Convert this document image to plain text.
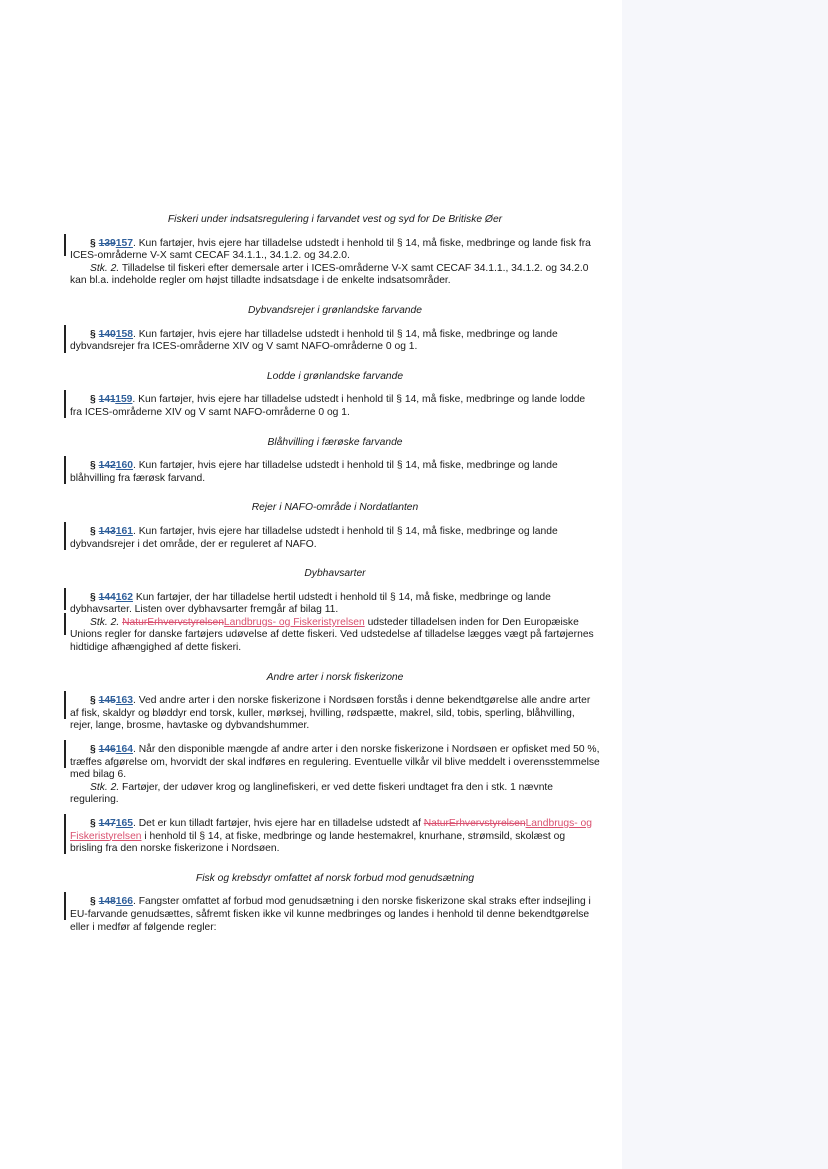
Fiskeri under indsatsregulering i farvandet vest og syd for De Britiske Øer
§ 139157. Kun fartøjer, hvis ejere har tilladelse udstedt i henhold til § 14, må fiske, medbringe og lande fisk fra ICES-områderne V-X samt CECAF 34.1.1., 34.1.2. og 34.2.0.
Stk. 2. Tilladelse til fiskeri efter demersale arter i ICES-områderne V-X samt CECAF 34.1.1., 34.1.2. og 34.2.0 kan bl.a. indeholde regler om højst tilladte indsatsdage i de enkelte indsatsområder.
Dybvandsrejer i grønlandske farvande
§ 140158. Kun fartøjer, hvis ejere har tilladelse udstedt i henhold til § 14, må fiske, medbringe og lande dybvandsrejer fra ICES-områderne XIV og V samt NAFO-områderne 0 og 1.
Lodde i grønlandske farvande
§ 141159. Kun fartøjer, hvis ejere har tilladelse udstedt i henhold til § 14, må fiske, medbringe og lande lodde fra ICES-områderne XIV og V samt NAFO-områderne 0 og 1.
Blåhvilling i færøske farvande
§ 142160. Kun fartøjer, hvis ejere har tilladelse udstedt i henhold til § 14, må fiske, medbringe og lande blåhvilling fra færøsk farvand.
Rejer i NAFO-område i Nordatlanten
§ 143161. Kun fartøjer, hvis ejere har tilladelse udstedt i henhold til § 14, må fiske, medbringe og lande dybvandsrejer i det område, der er reguleret af NAFO.
Dybhavsarter
§ 144162 Kun fartøjer, der har tilladelse hertil udstedt i henhold til § 14, må fiske, medbringe og lande dybhavsarter. Listen over dybhavsarter fremgår af bilag 11.
Stk. 2. NaturErhvervstyrelsenLandbrugs- og Fiskeristyrelsen udsteder tilladelsen inden for Den Europæiske Unions regler for danske fartøjers udøvelse af dette fiskeri. Ved udstedelse af tilladelse lægges vægt på fartøjernes hidtidige afhængighed af dette fiskeri.
Andre arter i norsk fiskerizone
§ 145163. Ved andre arter i den norske fiskerizone i Nordsøen forstås i denne bekendtgørelse alle andre arter af fisk, skaldyr og bløddyr end torsk, kuller, mørksej, hvilling, rødspætte, makrel, sild, tobis, sperling, blåhvilling, rejer, lange, brosme, havtaske og dybvandshummer.
§ 146164. Når den disponible mængde af andre arter i den norske fiskerizone i Nordsøen er opfisket med 50 %, træffes afgørelse om, hvorvidt der skal indføres en regulering. Eventuelle vilkår vil blive meddelt i overensstemmelse med bilag 6.
Stk. 2. Fartøjer, der udøver krog og langlinefiskeri, er ved dette fiskeri undtaget fra den i stk. 1 nævnte regulering.
§ 147165. Det er kun tilladt fartøjer, hvis ejere har en tilladelse udstedt af NaturErhvervstyrelsenLandbrugs- og Fiskeristyrelsen i henhold til § 14, at fiske, medbringe og lande hestemakrel, knurhane, strømsild, skolæst og brisling fra den norske fiskerizone i Nordsøen.
Fisk og krebsdyr omfattet af norsk forbud mod genudsætning
§ 148166. Fangster omfattet af forbud mod genudsætning i den norske fiskerizone skal straks efter indsejling i EU-farvande genudsættes, såfremt fisken ikke vil kunne medbringes og landes i henhold til denne bekendtgørelse eller i medfør af følgende regler:
